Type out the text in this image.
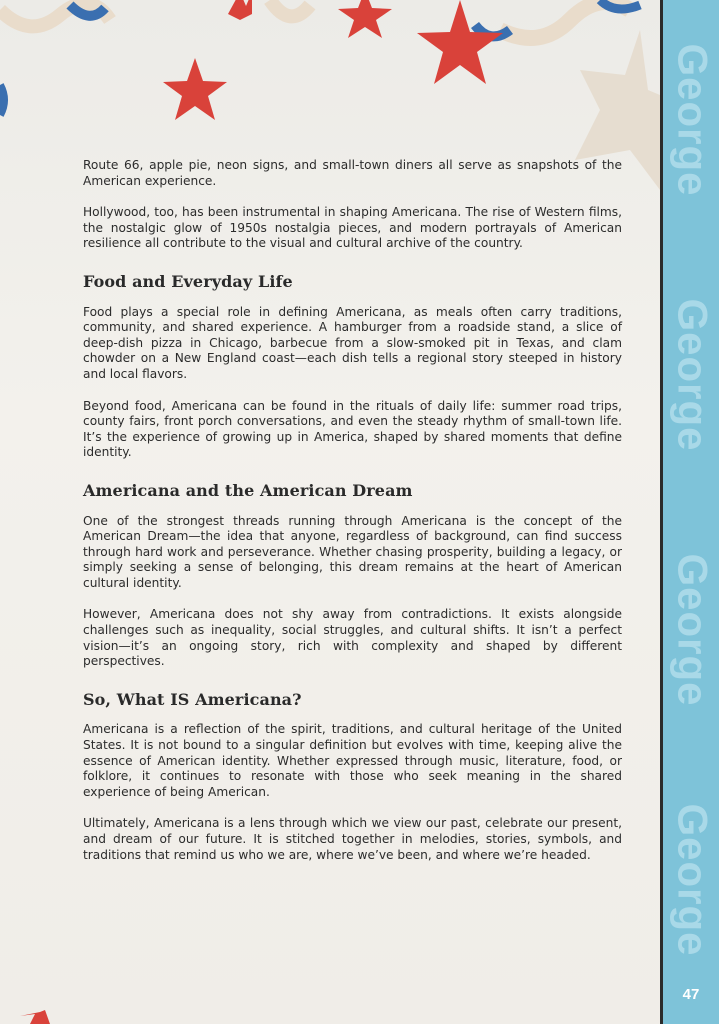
Route 66, apple pie, neon signs, and small-town diners all serve as snapshots of the American experience.

Hollywood, too, has been instrumental in shaping Americana. The rise of Western films, the nostalgic glow of 1950s nostalgia pieces, and modern portrayals of American resilience all contribute to the visual and cultural archive of the country.

Food and Everyday Life

Food plays a special role in defining Americana, as meals often carry traditions, community, and shared experience. A hamburger from a roadside stand, a slice of deep-dish pizza in Chicago, barbecue from a slow-smoked pit in Texas, and clam chowder on a New England coast—each dish tells a regional story steeped in history and local flavors.

Beyond food, Americana can be found in the rituals of daily life: summer road trips, county fairs, front porch conversations, and even the steady rhythm of small-town life. It’s the experience of growing up in America, shaped by shared moments that define identity.

Americana and the American Dream

One of the strongest threads running through Americana is the concept of the American Dream—the idea that anyone, regardless of background, can find success through hard work and perseverance. Whether chasing prosperity, building a legacy, or simply seeking a sense of belonging, this dream remains at the heart of American cultural identity.

However, Americana does not shy away from contradictions. It exists alongside challenges such as inequality, social struggles, and cultural shifts. It isn’t a perfect vision—it’s an ongoing story, rich with complexity and shaped by different perspectives.

So, What IS Americana?

Americana is a reflection of the spirit, traditions, and cultural heritage of the United States. It is not bound to a singular definition but evolves with time, keeping alive the essence of American identity. Whether expressed through music, literature, food, or folklore, it continues to resonate with those who seek meaning in the shared experience of being American.

Ultimately, Americana is a lens through which we view our past, celebrate our present, and dream of our future. It is stitched together in melodies, stories, symbols, and traditions that remind us who we are, where we’ve been, and where we’re headed.

George
George
George
George
47
